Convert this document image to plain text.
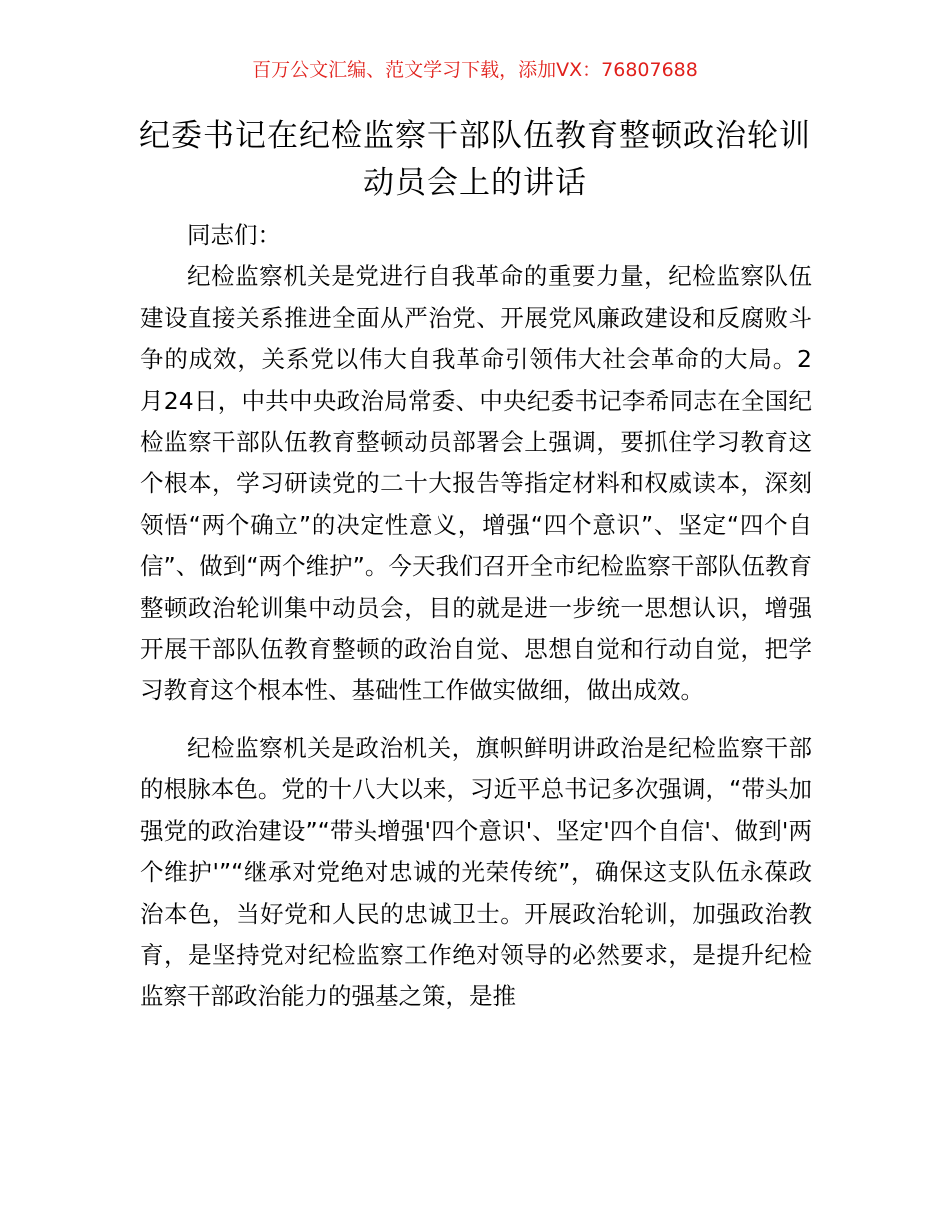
百万公文汇编、范文学习下载，添加VX：76807688
纪委书记在纪检监察干部队伍教育整顿政治轮训动员会上的讲话

同志们：

纪检监察机关是党进行自我革命的重要力量，纪检监察队伍建设直接关系推进全面从严治党、开展党风廉政建设和反腐败斗争的成效，关系党以伟大自我革命引领伟大社会革命的大局。2月24日，中共中央政治局常委、中央纪委书记李希同志在全国纪检监察干部队伍教育整顿动员部署会上强调，要抓住学习教育这个根本，学习研读党的二十大报告等指定材料和权威读本，深刻领悟“两个确立”的决定性意义，增强“四个意识”、坚定“四个自信”、做到“两个维护”。今天我们召开全市纪检监察干部队伍教育整顿政治轮训集中动员会，目的就是进一步统一思想认识，增强开展干部队伍教育整顿的政治自觉、思想自觉和行动自觉，把学习教育这个根本性、基础性工作做实做细，做出成效。

纪检监察机关是政治机关，旗帜鲜明讲政治是纪检监察干部的根脉本色。党的十八大以来，习近平总书记多次强调，“带头加强党的政治建设”“带头增强'四个意识'、坚定'四个自信'、做到'两个维护'”“继承对党绝对忠诚的光荣传统”，确保这支队伍永葆政治本色，当好党和人民的忠诚卫士。开展政治轮训，加强政治教育，是坚持党对纪检监察工作绝对领导的必然要求，是提升纪检监察干部政治能力的强基之策，是推
